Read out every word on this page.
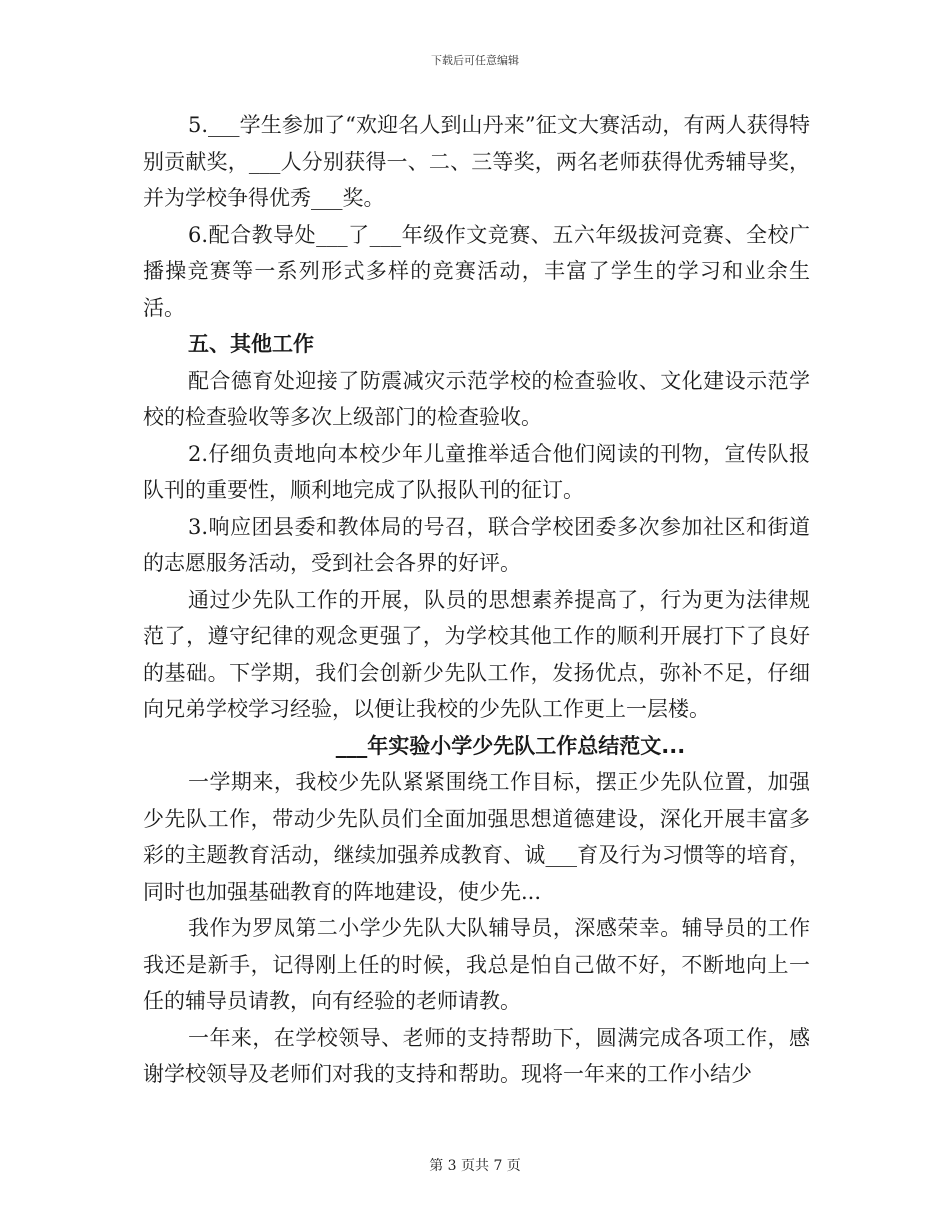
下载后可任意编辑

5.___学生参加了“欢迎名人到山丹来”征文大赛活动，有两人获得特别贡献奖，___人分别获得一、二、三等奖，两名老师获得优秀辅导奖，并为学校争得优秀___奖。

6.配合教导处___了___年级作文竞赛、五六年级拔河竞赛、全校广播操竞赛等一系列形式多样的竞赛活动，丰富了学生的学习和业余生活。

五、其他工作

配合德育处迎接了防震减灾示范学校的检查验收、文化建设示范学校的检查验收等多次上级部门的检查验收。

2.仔细负责地向本校少年儿童推举适合他们阅读的刊物，宣传队报队刊的重要性，顺利地完成了队报队刊的征订。

3.响应团县委和教体局的号召，联合学校团委多次参加社区和街道的志愿服务活动，受到社会各界的好评。

通过少先队工作的开展，队员的思想素养提高了，行为更为法律规范了，遵守纪律的观念更强了，为学校其他工作的顺利开展打下了良好的基础。下学期，我们会创新少先队工作，发扬优点，弥补不足，仔细向兄弟学校学习经验，以便让我校的少先队工作更上一层楼。

___年实验小学少先队工作总结范文...

一学期来，我校少先队紧紧围绕工作目标，摆正少先队位置，加强少先队工作，带动少先队员们全面加强思想道德建设，深化开展丰富多彩的主题教育活动，继续加强养成教育、诚___育及行为习惯等的培育，同时也加强基础教育的阵地建设，使少先...

我作为罗凤第二小学少先队大队辅导员，深感荣幸。辅导员的工作我还是新手，记得刚上任的时候，我总是怕自己做不好，不断地向上一任的辅导员请教，向有经验的老师请教。

一年来，在学校领导、老师的支持帮助下，圆满完成各项工作，感谢学校领导及老师们对我的支持和帮助。现将一年来的工作小结少

第 3 页共 7 页
